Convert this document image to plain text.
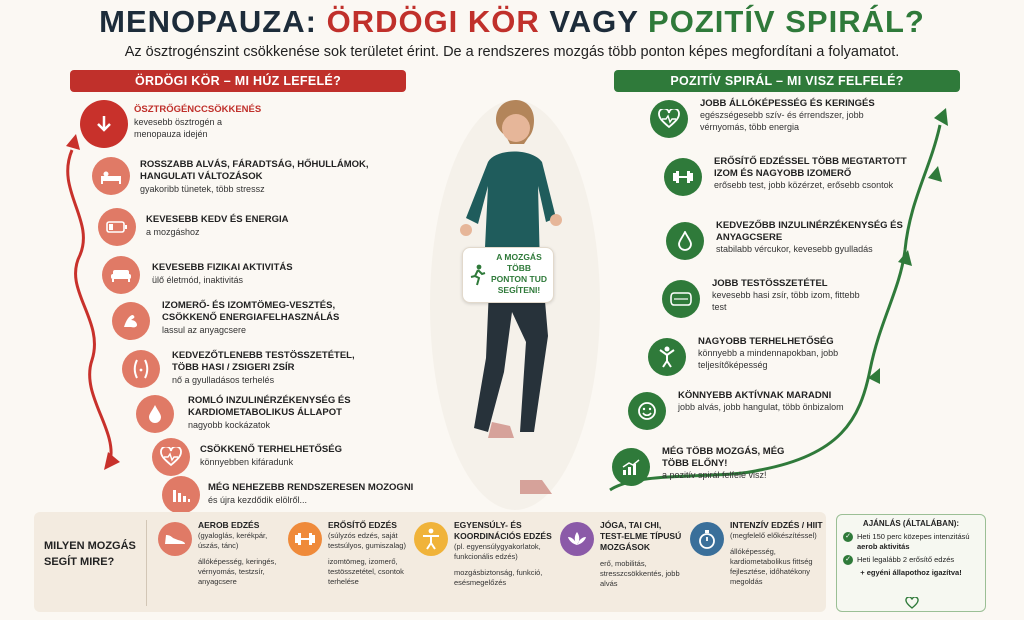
MENOPAUZA: ÖRDÖGI KÖR VAGY POZITÍV SPIRÁL?
Az ösztrogénszint csökkenése sok területet érint. De a rendszeres mozgás több ponton képes megfordítani a folyamatot.
ÖRDÖGI KÖR – MI HÚZ LEFELÉ?	POZITÍV SPIRÁL – MI VISZ FELFELÉ?
ÖSZTRŐGÉNCCSÖKKENÉS
kevesebb ösztrogén a menopauza idején
ROSSZABB ALVÁS, FÁRADTSÁG, HŐHULLÁMOK, HANGULATI VÁLTOZÁSOK
gyakoribb tünetek, több stressz
KEVESEBB KEDV ÉS ENERGIA
a mozgáshoz
KEVESEBB FIZIKAI AKTIVITÁS
ülő életmód, inaktivitás
IZOMERŐ- ÉS IZOMTÖMEG-VESZTÉS, CSÖKKENŐ ENERGIAFELHASZNÁLÁS
lassul az anyagcsere
KEDVEZŐTLENEBB TESTÖSSZETÉTEL, TÖBB HASI / ZSIGERI ZSÍR
nő a gyulladásos terhelés
ROMLÓ INZULINÉRZÉKENYSÉG ÉS KARDIOMETABOLIKUS ÁLLAPOT
nagyobb kockázatok
CSÖKKENŐ TERHELHETŐSÉG
könnyebben kifáradunk
MÉG NEHEZEBB RENDSZERESEN MOZOGNI
és újra kezdődik elölről...
A MOZGÁS TÖBB PONTON TUD SEGÍTENI!
JOBB ÁLLÓKÉPESSÉG ÉS KERINGÉS
egészségesebb szív- és érrendszer, jobb vérnyomás, több energia
ERŐSÍTŐ EDZÉSSEL TÖBB MEGTARTOTT IZOM ÉS NAGYOBB IZOMERŐ
erősebb test, jobb közérzet, erősebb csontok
KEDVEZŐBB INZULINÉRZÉKENYSÉG ÉS ANYAGCSERE
stabilabb vércukor, kevesebb gyulladás
JOBB TESTÖSSZETÉTEL
kevesebb hasi zsír, több izom, fittebb test
NAGYOBB TERHELHETŐSÉG
könnyebb a mindennapokban, jobb teljesítőképesség
KÖNNYEBB AKTÍVNAK MARADNI
jobb alvás, jobb hangulat, több önbizalom
MÉG TÖBB MOZGÁS, MÉG TÖBB ELŐNY!
a pozitív spirál felfelé visz!
MILYEN MOZGÁS SEGÍT MIRE?
AEROB EDZÉS
(gyaloglás, kerékpár, úszás, tánc)
állóképesség, keringés, vérnyomás, testzsír, anyagcsere
ERŐSÍTŐ EDZÉS
(súlyzós edzés, saját testsúlyos, gumiszalag)
izomtömeg, izomerő, testösszetétel, csontok terhelése
EGYENSÚLY- ÉS KOORDINÁCIÓS EDZÉS
(pl. egyensúlygyakorlatok, funkcionális edzés)
mozgásbiztonság, funkció, esésmegelőzés
JÓGA, TAI CHI, TEST-ELME TÍPUSÚ MOZGÁSOK
erő, mobilitás, stresszcsökkentés, jobb alvás
INTENZÍV EDZÉS / HIIT
(megfelelő előkészítéssel)
állóképesség, kardiometabolikus fittség fejlesztése, időhatékony megoldás
AJÁNLÁS (ÁLTALÁBAN):
✓ Heti 150 perc közepes intenzitású
aerob aktivitás
✓ Heti legalább 2 erősítő edzés
+ egyéni állapothoz igazítva!
